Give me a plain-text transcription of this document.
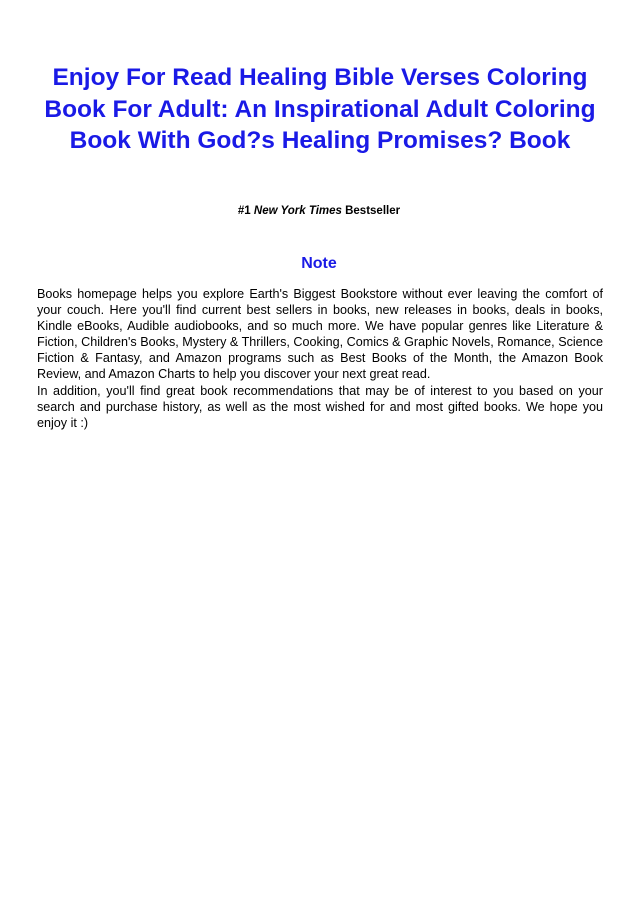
Enjoy For Read Healing Bible Verses Coloring Book For Adult: An Inspirational Adult Coloring Book With God?s Healing Promises? Book
#1 New York Times Bestseller
Note

Books homepage helps you explore Earth's Biggest Bookstore without ever leaving the comfort of your couch. Here you'll find current best sellers in books, new releases in books, deals in books, Kindle eBooks, Audible audiobooks, and so much more. We have popular genres like Literature & Fiction, Children's Books, Mystery & Thrillers, Cooking, Comics & Graphic Novels, Romance, Science Fiction & Fantasy, and Amazon programs such as Best Books of the Month, the Amazon Book Review, and Amazon Charts to help you discover your next great read.

In addition, you'll find great book recommendations that may be of interest to you based on your search and purchase history, as well as the most wished for and most gifted books. We hope you enjoy it :)
